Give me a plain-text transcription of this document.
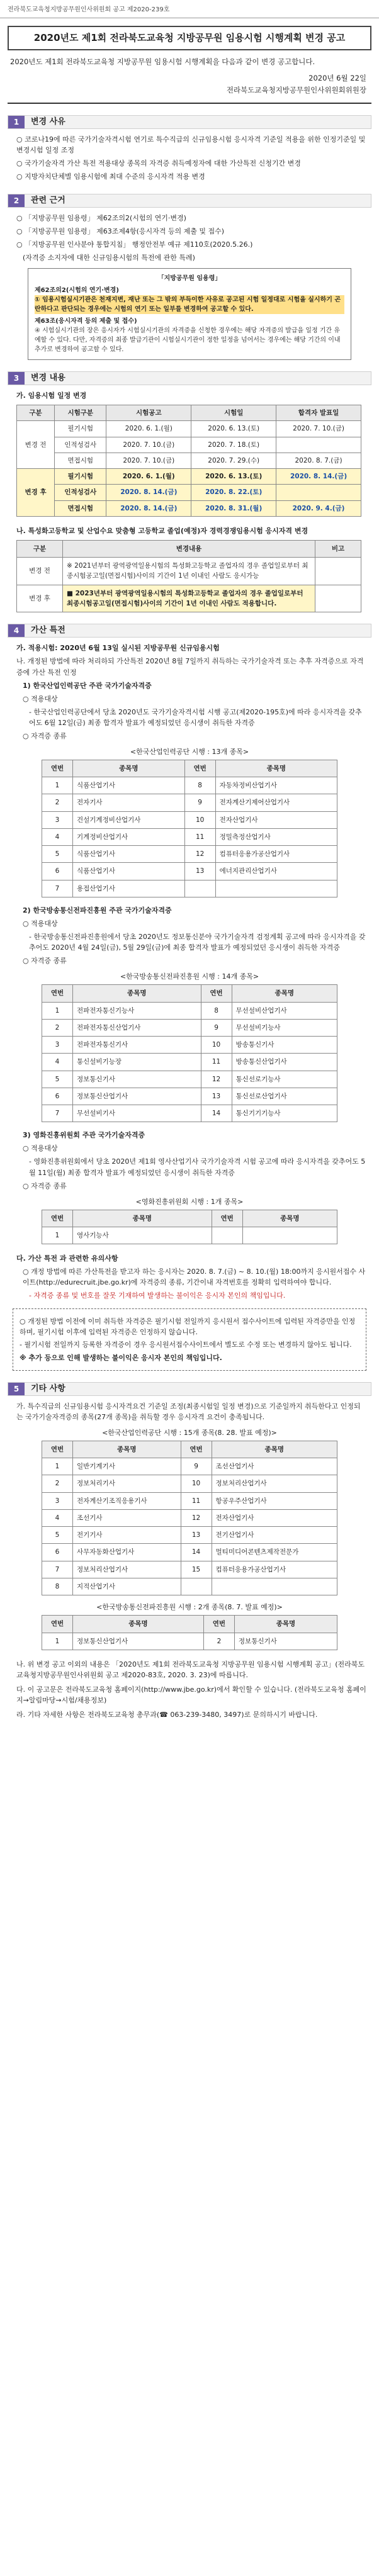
전라북도교육청지방공무원인사위원회 공고 제2020-239호
2020년도 제1회 전라북도교육청 지방공무원 임용시험 시행계획 변경 공고
2020년도 제1회 전라북도교육청 지방공무원 임용시험 시행계획을 다음과 같이 변경 공고합니다.
2020년 6월 22일
전라북도교육청지방공무원인사위원회위원장
1	변경 사유
○ 코로나19에 따른 국가기술자격시험 연기로 특수직급의 신규임용시험 응시자격 기준일 적용을 위한 인정기준일 및 변경시험 일정 조정
○ 국가기술자격 가산 특전 적용대상 종목의 자격증 취득예정자에 대한 가산특전 신청기간 변경
○ 지방자치단체별 임용시험에 최대 수준의 응시자격 적용 변경
2	관련 근거
○ 「지방공무원 임용령」 제62조의2(시험의 연기·변경)
○ 「지방공무원 임용령」 제63조제4항(응시자격 등의 제출 및 접수)
○ 「지방공무원 인사분야 통합지침」 행정안전부 예규 제110호(2020.5.26.)
(자격증 소지자에 대한 신규임용시험의 특전에 관한 특례)
「지방공무원 임용령」
제62조의2(시험의 연기·변경)
① 임용시험실시기관은 천재지변, 재난 또는 그 밖의 부득이한 사유로 공고된 시험 일정대로 시험을 실시하기 곤란하다고 판단되는 경우에는 시험의 연기 또는 일부를 변경하여 공고할 수 있다.
제63조(응시자격 등의 제출 및 접수)
④ 시험실시기관의 장은 응시자가 시험실시기관의 자격증을 신청한 경우에는 해당 자격증의 발급을 일정 기간 유예할 수 있다. 다만, 자격증의 최종 발급기관이 시험실시기관이 정한 일정을 넘어서는 경우에는 해당 기간의 이내 추가로 변경하여 공고할 수 있다.
3	변경 내용
가. 임용시험 일정 변경
구분	시험구분	시험공고	시험일	합격자 발표일
변경 전	필기시험	2020. 6. 1.(월)	2020. 6. 13.(토)	2020. 7. 10.(금)
	인적성검사	2020. 7. 10.(금)	2020. 7. 18.(토)	
	면접시험	2020. 7. 10.(금)	2020. 7. 29.(수)	2020. 8. 7.(금)
변경 후	필기시험	2020. 6. 1.(월)	2020. 6. 13.(토)	2020. 8. 14.(금)
	인적성검사	2020. 8. 14.(금)	2020. 8. 22.(토)	
	면접시험	2020. 8. 14.(금)	2020. 8. 31.(월)	2020. 9. 4.(금)
나. 특성화고등학교 및 산업수요 맞춤형 고등학교 졸업(예정)자 경력경쟁임용시험 응시자격 변경
구분	변경내용	비고
변경 전	※ 2021년부터 광역광역일용시험의 특성화고등학교 졸업자의 경우 졸업일로부터 최종시험공고일(면접시험)사이의 기간이 1년 이내인 사람도 응시가능	
변경 후	■ 2023년부터 광역광역일용시험의 특성화고등학교 졸업자의 경우 졸업일로부터 최종시험공고일(면접시험)사이의 기간이 1년 이내인 사람도 적용합니다.	
4	가산 특전
가. 적용시험: 2020년 6월 13일 실시된 지방공무원 신규임용시험
나. 개정된 방법에 따라 처리하되 가산특전 2020년 8월 7일까지 취득하는 국가기술자격 또는 추후 자격증으로 자격증에 가산 특전 인정
1) 한국산업인력공단 주관 국가기술자격증
○ 적용대상
- 한국산업인력공단에서 당초 2020년도 국가기술자격시험 시행 공고(제2020-195호)에 따라 응시자격을 갖추어도 6월 12일(금) 최종 합격자 발표가 예정되었던 응시생이 취득한 자격증
○ 자격증 종류
<한국산업인력공단 시행 : 13개 종목>
연번	종목명	연번	종목명
1	식품산업기사	8	자동차정비산업기사
2	전자기사	9	전자계산기제어산업기사
3	건설기계정비산업기사	10	전자산업기사
4	기계정비산업기사	11	정밀측정산업기사
5	식품산업기사	12	컴퓨터응용가공산업기사
6	식품산업기사	13	에너지관리산업기사
7	용접산업기사		
2) 한국방송통신전파진흥원 주관 국가기술자격증
○ 적용대상
- 한국방송통신전파진흥원에서 당초 2020년도 정보통신분야 국가기술자격 검정계획 공고에 따라 응시자격을 갖추어도 2020년 4월 24일(금), 5월 29일(금)에 최종 합격자 발표가 예정되었던 응시생이 취득한 자격증
○ 자격증 종류
<한국방송통신전파진흥원 시행 : 14개 종목>
연번	종목명	연번	종목명
1	전파전자통신기능사	8	무선설비산업기사
2	전파전자통신산업기사	9	무선설비기능사
3	전파전자통신기사	10	방송통신기사
4	통신설비기능장	11	방송통신산업기사
5	정보통신기사	12	통신선로기능사
6	정보통신산업기사	13	통신선로산업기사
7	무선설비기사	14	통신기기기능사
3) 영화진흥위원회 주관 국가기술자격증
○ 적용대상
- 영화진흥위원회에서 당초 2020년 제1회 영사산업기사 국가기술자격 시험 공고에 따라 응시자격을 갖추어도 5월 11일(월) 최종 합격자 발표가 예정되었던 응시생이 취득한 자격증
○ 자격증 종류
<영화진흥위원회 시행 : 1개 종목>
연번	종목명	연번	종목명
1	영사기능사		
다. 가산 특전 과 관련한 유의사항
○ 개정 방법에 따른 가산특전을 받고자 하는 응시자는 2020. 8. 7.(금) ~ 8. 10.(월) 18:00까지 응시원서접수 사이트(http://edurecruit.jbe.go.kr)에 자격증의 종류, 기간이내 자격번호를 정확히 입력하여야 합니다.
- 자격증 종류 및 번호를 잘못 기재하여 발생하는 불이익은 응시자 본인의 책임입니다.

○ 개정된 방법 이전에 이미 취득한 자격증은 필기시험 전일까지 응시원서 접수사이트에 입력된 자격증만을 인정하며, 필기시험 이후에 입력된 자격증은 인정하지 않습니다.

- 필기시험 전일까지 등록한 자격증이 경우 응시원서접수사이트에서 별도로 수정 또는 변경하지 않아도 됩니다.

※ 추가 등으로 인해 발생하는 불이익은 응시자 본인의 책임입니다.

5	기타 사항
가. 특수직급의 신규임용시험 응시자격요건 기준일 조정(최종시험일 일정 변경)으로 기준일까지 취득한다고 인정되는 국가기술자격증의 종목(27개 종목)을 취득할 경우 응시자격 요건이 충족됩니다.
<한국산업인력공단 시행 : 15개 종목(8. 28. 발표 예정)>
연번	종목명	연번	종목명
1	일반기계기사	9	조선산업기사
2	정보처리기사	10	정보처리산업기사
3	전자계산기조직응용기사	11	항공우주산업기사
4	조선기사	12	전자산업기사
5	전기기사	13	전기산업기사
6	사무자동화산업기사	14	멀티미디어콘텐츠제작전문가
7	정보처리산업기사	15	컴퓨터응용가공산업기사
8	지적산업기사		
<한국방송통신전파진흥원 시행 : 2개 종목(8. 7. 발표 예정)>
연번	종목명	연번	종목명
1	정보통신산업기사	2	정보통신기사
나. 위 변경 공고 이외의 내용은 「2020년도 제1회 전라북도교육청 지방공무원 임용시험 시행계획 공고」(전라북도교육청지방공무원인사위원회 공고 제2020-83호, 2020. 3. 23)에 따릅니다.
다. 이 공고문은 전라북도교육청 홈페이지(http://www.jbe.go.kr)에서 확인할 수 있습니다. (전라북도교육청 홈페이지→알림마당→시험/채용정보)
라. 기타 자세한 사항은 전라북도교육청 총무과(☎ 063-239-3480, 3497)로 문의하시기 바랍니다.
